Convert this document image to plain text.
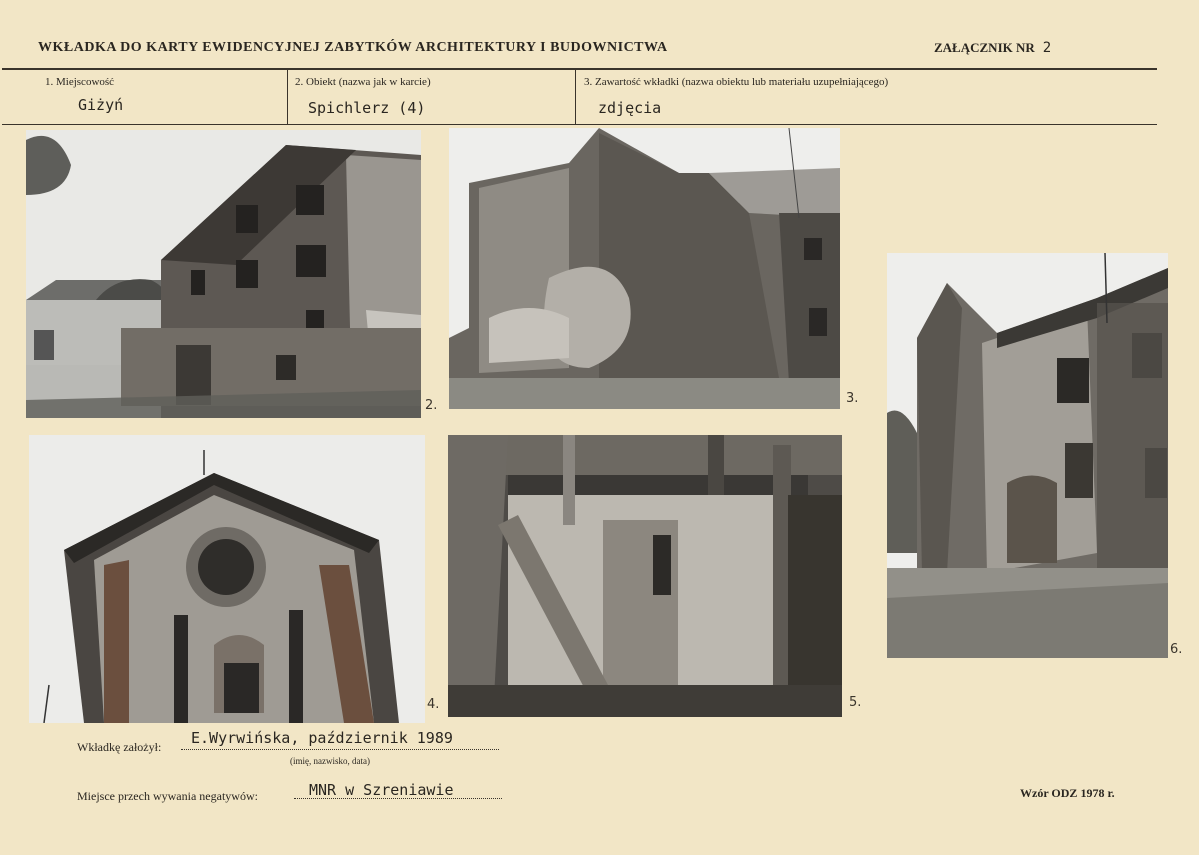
WKŁADKA DO KARTY EWIDENCYJNEJ ZABYTKÓW ARCHITEKTURY I BUDOWNICTWA	ZAŁĄCZNIK NR 2
1. Miejscowość
Giżyń
2. Obiekt (nazwa jak w karcie)
Spichlerz (4)
3. Zawartość wkładki (nazwa obiektu lub materiału uzupełniającego)
zdjęcia
2.	3.
4.	5.
6.
Wkładkę założył: E.Wyrwińska, październik 1989
(imię, nazwisko, data)
Miejsce przech wywania negatywów:	MNR w Szreniawie	Wzór ODZ 1978 r.
